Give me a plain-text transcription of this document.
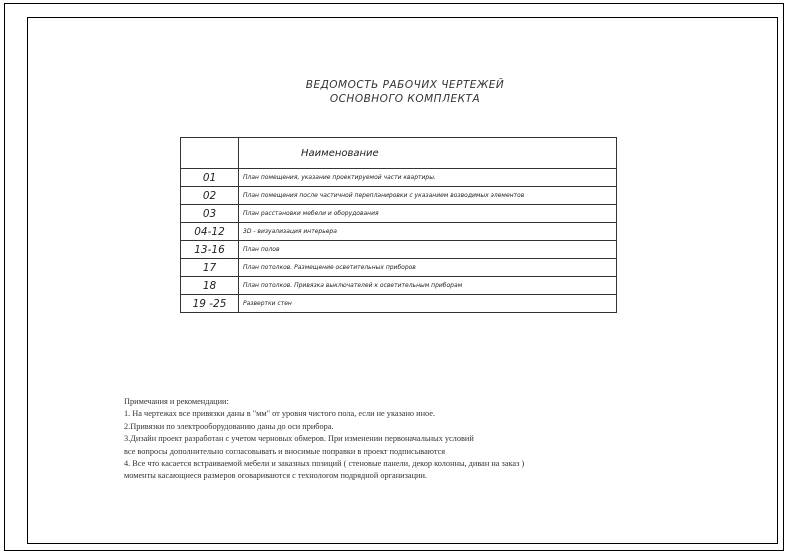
ВЕДОМОСТЬ РАБОЧИХ ЧЕРТЕЖЕЙ
ОСНОВНОГО КОМПЛЕКТА
	Наименование
01	План помещения, указание проектируемой части квартиры.
02	План помещения после частичной перепланировки с указанием возводимых элементов
03	План расстановки мебели и оборудования
04-12	3D - визуализация интерьера
13-16	План полов
17	План потолков. Размещение осветительных приборов
18	План потолков. Привязка выключателей к осветительным приборам
19 -25	Развертки стен
Примечания и рекомендации:
1. На чертежах все привязки даны в "мм" от уровня чистого пола, если не указано иное.
2.Привязки по электрооборудованию даны до оси прибора.
3.Дизайн проект разработан с учетом черновых обмеров. При изменении первоначальных условий
все вопросы дополнительно согласовывать и вносимые поправки в проект подписываются
4. Все что касается встраиваемой мебели и заказных позиций ( стеновые панели, декор колонны, диван на заказ )
моменты касающиеся размеров оговариваются с технологом подрядной организации.
